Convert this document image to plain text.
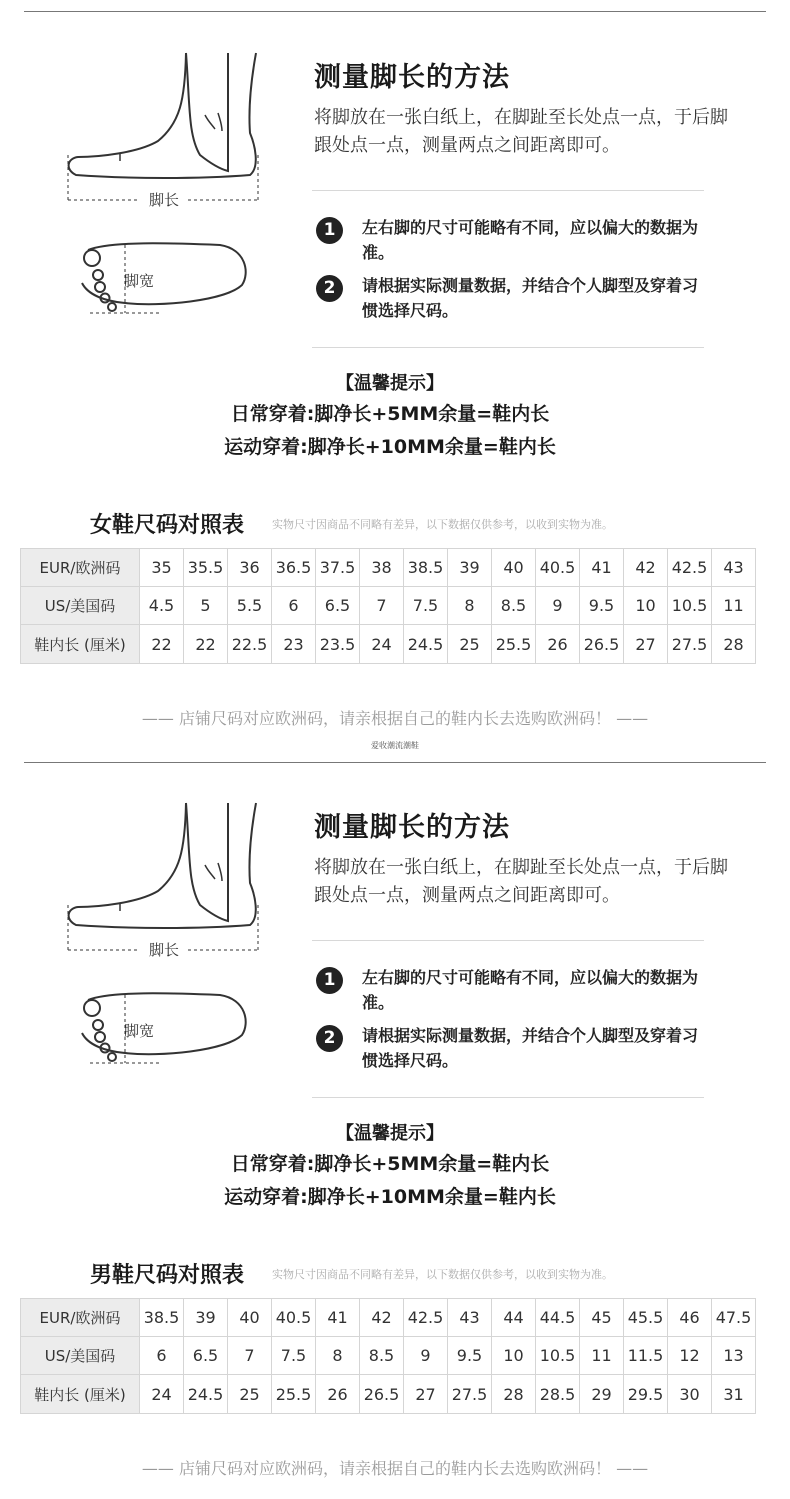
脚长
脚宽
测量脚长的方法
将脚放在一张白纸上，在脚趾至长处点一点，于后脚跟处点一点，测量两点之间距离即可。
1	左右脚的尺寸可能略有不同，应以偏大的数据为准。
2	请根据实际测量数据，并结合个人脚型及穿着习惯选择尺码。
【温馨提示】
日常穿着:脚净长+5MM余量=鞋内长
运动穿着:脚净长+10MM余量=鞋内长
女鞋尺码对照表	实物尺寸因商品不同略有差异，以下数据仅供参考，以收到实物为准。
EUR/欧洲码	35	35.5	36	36.5	37.5	38	38.5	39	40	40.5	41	42	42.5	43
US/美国码	4.5	5	5.5	6	6.5	7	7.5	8	8.5	9	9.5	10	10.5	11
鞋内长 (厘米)	22	22	22.5	23	23.5	24	24.5	25	25.5	26	26.5	27	27.5	28
—— 店铺尺码对应欧洲码，请亲根据自己的鞋内长去选购欧洲码！ ——
爱收潮流潮鞋
脚长
脚宽
测量脚长的方法
将脚放在一张白纸上，在脚趾至长处点一点，于后脚跟处点一点，测量两点之间距离即可。
1	左右脚的尺寸可能略有不同，应以偏大的数据为准。
2	请根据实际测量数据，并结合个人脚型及穿着习惯选择尺码。
【温馨提示】
日常穿着:脚净长+5MM余量=鞋内长
运动穿着:脚净长+10MM余量=鞋内长
男鞋尺码对照表	实物尺寸因商品不同略有差异，以下数据仅供参考，以收到实物为准。
EUR/欧洲码	38.5	39	40	40.5	41	42	42.5	43	44	44.5	45	45.5	46	47.5
US/美国码	6	6.5	7	7.5	8	8.5	9	9.5	10	10.5	11	11.5	12	13
鞋内长 (厘米)	24	24.5	25	25.5	26	26.5	27	27.5	28	28.5	29	29.5	30	31
—— 店铺尺码对应欧洲码，请亲根据自己的鞋内长去选购欧洲码！ ——
